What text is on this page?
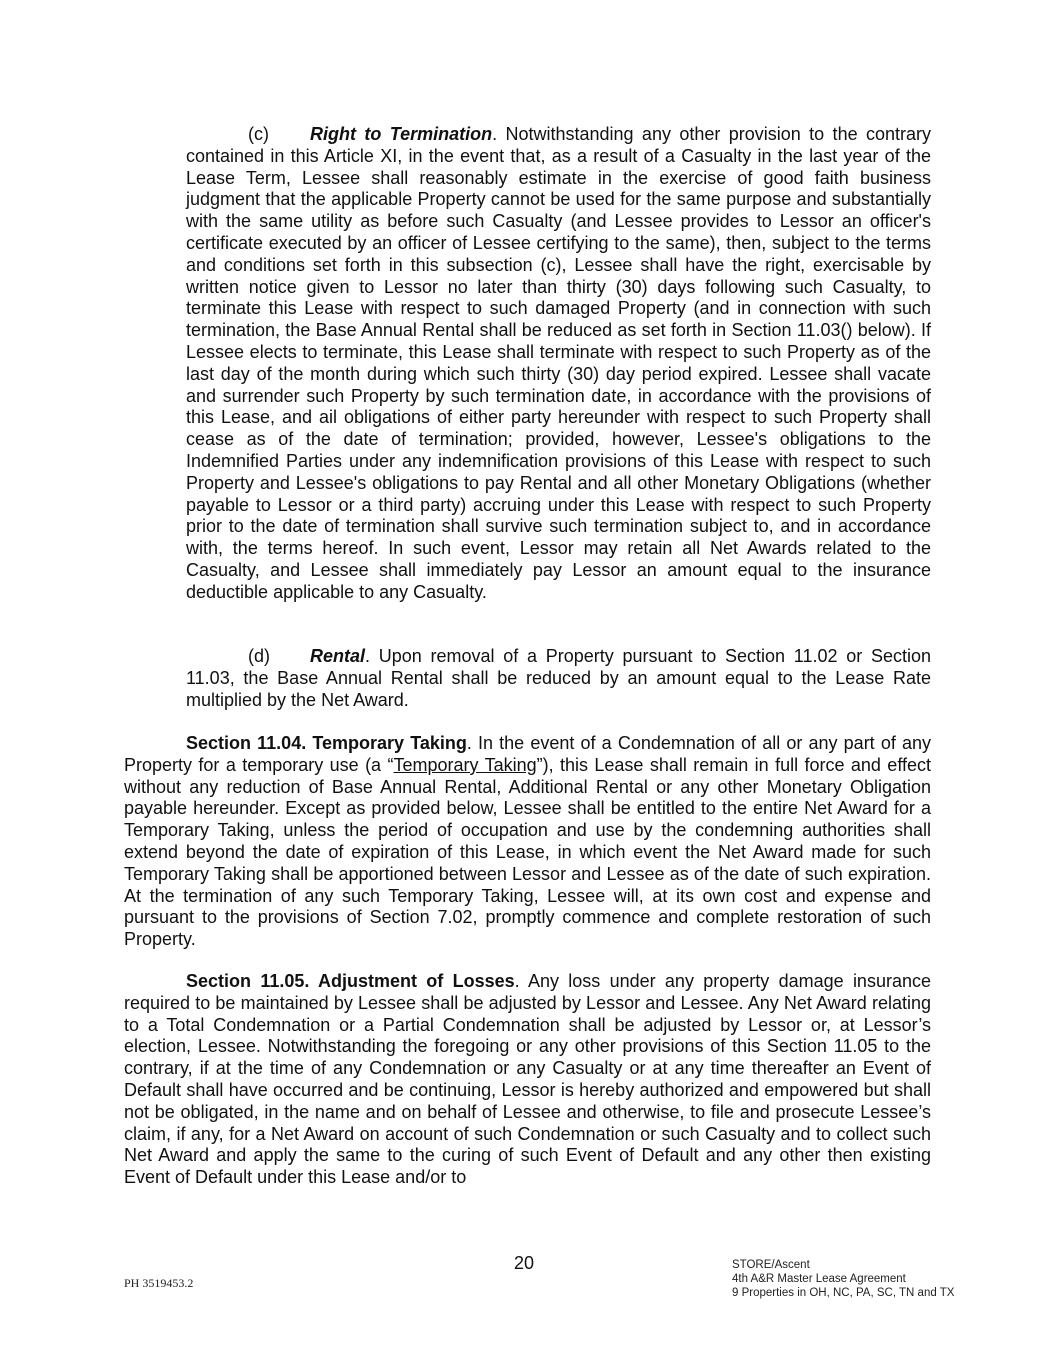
(c) Right to Termination. Notwithstanding any other provision to the contrary contained in this Article XI, in the event that, as a result of a Casualty in the last year of the Lease Term, Lessee shall reasonably estimate in the exercise of good faith business judgment that the applicable Property cannot be used for the same purpose and substantially with the same utility as before such Casualty (and Lessee provides to Lessor an officer's certificate executed by an officer of Lessee certifying to the same), then, subject to the terms and conditions set forth in this subsection (c), Lessee shall have the right, exercisable by written notice given to Lessor no later than thirty (30) days following such Casualty, to terminate this Lease with respect to such damaged Property (and in connection with such termination, the Base Annual Rental shall be reduced as set forth in Section 11.03() below). If Lessee elects to terminate, this Lease shall terminate with respect to such Property as of the last day of the month during which such thirty (30) day period expired. Lessee shall vacate and surrender such Property by such termination date, in accordance with the provisions of this Lease, and ail obligations of either party hereunder with respect to such Property shall cease as of the date of termination; provided, however, Lessee's obligations to the Indemnified Parties under any indemnification provisions of this Lease with respect to such Property and Lessee's obligations to pay Rental and all other Monetary Obligations (whether payable to Lessor or a third party) accruing under this Lease with respect to such Property prior to the date of termination shall survive such termination subject to, and in accordance with, the terms hereof. In such event, Lessor may retain all Net Awards related to the Casualty, and Lessee shall immediately pay Lessor an amount equal to the insurance deductible applicable to any Casualty.

(d) Rental. Upon removal of a Property pursuant to Section 11.02 or Section 11.03, the Base Annual Rental shall be reduced by an amount equal to the Lease Rate multiplied by the Net Award.

Section 11.04. Temporary Taking. In the event of a Condemnation of all or any part of any Property for a temporary use (a “Temporary Taking”), this Lease shall remain in full force and effect without any reduction of Base Annual Rental, Additional Rental or any other Monetary Obligation payable hereunder. Except as provided below, Lessee shall be entitled to the entire Net Award for a Temporary Taking, unless the period of occupation and use by the condemning authorities shall extend beyond the date of expiration of this Lease, in which event the Net Award made for such Temporary Taking shall be apportioned between Lessor and Lessee as of the date of such expiration. At the termination of any such Temporary Taking, Lessee will, at its own cost and expense and pursuant to the provisions of Section 7.02, promptly commence and complete restoration of such Property.

Section 11.05. Adjustment of Losses. Any loss under any property damage insurance required to be maintained by Lessee shall be adjusted by Lessor and Lessee. Any Net Award relating to a Total Condemnation or a Partial Condemnation shall be adjusted by Lessor or, at Lessor’s election, Lessee. Notwithstanding the foregoing or any other provisions of this Section 11.05 to the contrary, if at the time of any Condemnation or any Casualty or at any time thereafter an Event of Default shall have occurred and be continuing, Lessor is hereby authorized and empowered but shall not be obligated, in the name and on behalf of Lessee and otherwise, to file and prosecute Lessee’s claim, if any, for a Net Award on account of such Condemnation or such Casualty and to collect such Net Award and apply the same to the curing of such Event of Default and any other then existing Event of Default under this Lease and/or to

PH 3519453.2
20	STORE/Ascent
4th A&R Master Lease Agreement
9 Properties in OH, NC, PA, SC, TN and TX
